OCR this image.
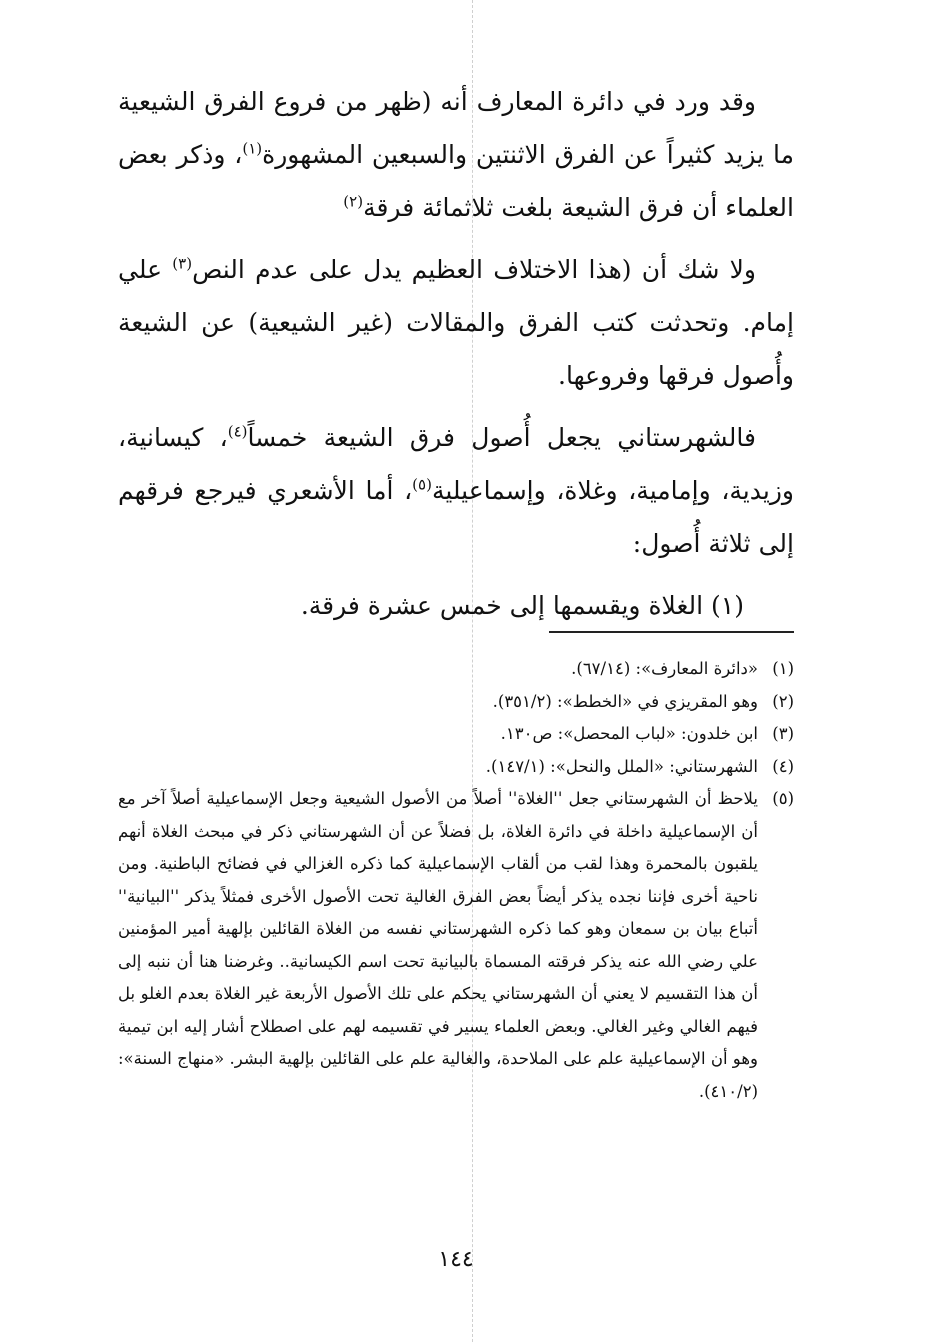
وقد ورد في دائرة المعارف أنه (ظهر من فروع الفرق الشيعية ما يزيد كثيراً عن الفرق الاثنتين والسبعين المشهورة$^{(١)}$، وذكر بعض العلماء أن فرق الشيعة بلغت ثلاثمائة فرقة$^{(٢)}$

ولا شك أن (هذا الاختلاف العظيم يدل على عدم النص$^{(٣)}$ علي إمام. وتحدثت كتب الفرق والمقالات (غير الشيعية) عن الشيعة وأُصول فرقها وفروعها.

فالشهرستاني يجعل أُصول فرق الشيعة خمساً$^{(٤)}$، كيسانية، وزيدية، وإمامية، وغلاة، وإسماعيلية$^{(٥)}$، أما الأشعري فيرجع فرقهم إلى ثلاثة أُصول:

(١) الغلاة ويقسمها إلى خمس عشرة فرقة.

(١)
«دائرة المعارف»: (٦٧/١٤).
(٢)
وهو المقريزي في «الخطط»: (٣٥١/٢).
(٣)
ابن خلدون: «لباب المحصل»: ص١٣٠.
(٤)
الشهرستاني: «الملل والنحل»: (١٤٧/١).
(٥)
يلاحظ أن الشهرستاني جعل ''الغلاة'' أصلاً من الأصول الشيعية وجعل الإسماعيلية أصلاً آخر مع أن الإسماعيلية داخلة في دائرة الغلاة، بل فضلاً عن أن الشهرستاني ذكر في مبحث الغلاة أنهم يلقبون بالمحمرة وهذا لقب من ألقاب الإسماعيلية كما ذكره الغزالي في فضائح الباطنية. ومن ناحية أخرى فإننا نجده يذكر أيضاً بعض الفرق الغالية تحت الأصول الأخرى فمثلاً يذكر ''البيانية'' أتباع بيان بن سمعان وهو كما ذكره الشهرستاني نفسه من الغلاة القائلين بإلهية أمير المؤمنين علي رضي الله عنه يذكر فرقته المسماة بالبيانية تحت اسم الكيسانية.. وغرضنا هنا أن ننبه إلى أن هذا التقسيم لا يعني أن الشهرستاني يحكم على تلك الأصول الأربعة غير الغلاة بعدم الغلو بل فيهم الغالي وغير الغالي. وبعض العلماء يسير في تقسيمه لهم على اصطلاح أشار إليه ابن تيمية وهو أن الإسماعيلية علم على الملاحدة، والغالية علم على القائلين بإلهية البشر. «منهاج السنة»: (٤١٠/٢).
١٤٤
